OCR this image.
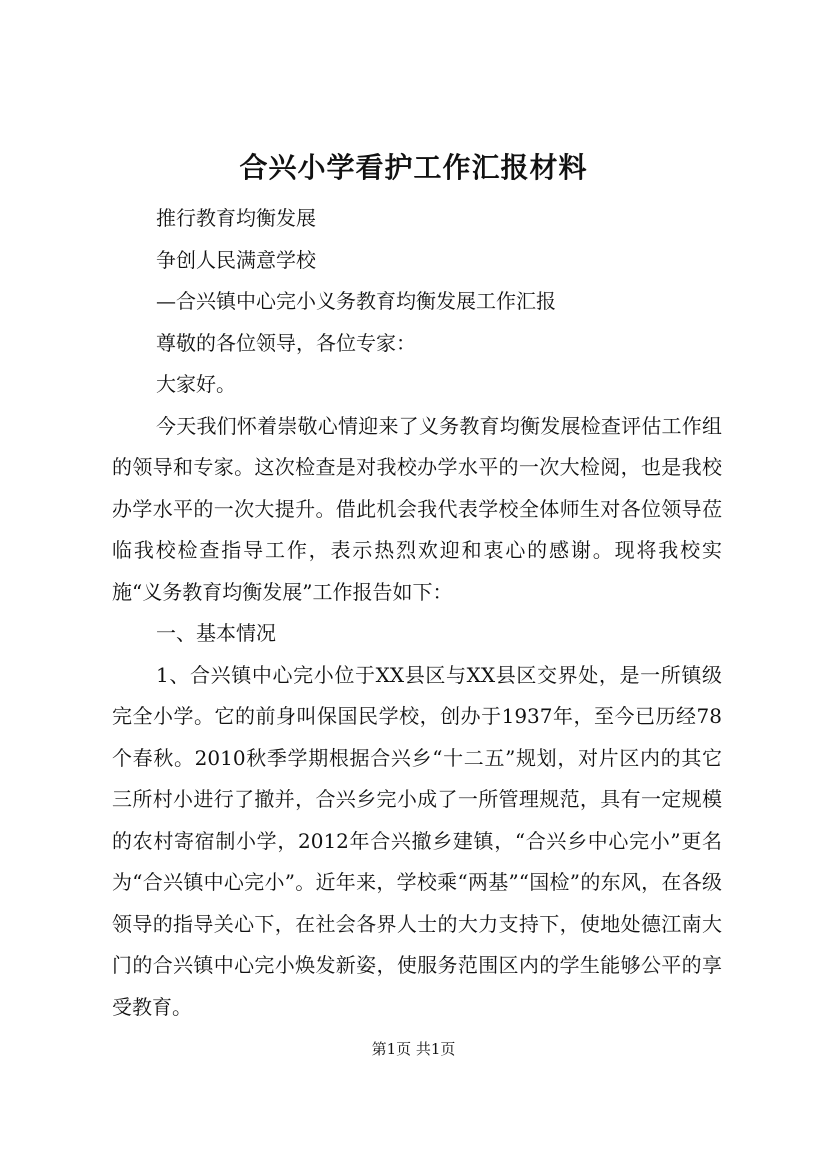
合兴小学看护工作汇报材料

推行教育均衡发展

争创人民满意学校

—合兴镇中心完小义务教育均衡发展工作汇报

尊敬的各位领导，各位专家：

大家好。

今天我们怀着崇敬心情迎来了义务教育均衡发展检查评估工作组的领导和专家。这次检查是对我校办学水平的一次大检阅，也是我校办学水平的一次大提升。借此机会我代表学校全体师生对各位领导莅临我校检查指导工作，表示热烈欢迎和衷心的感谢。现将我校实施“义务教育均衡发展”工作报告如下：

一、基本情况

1、合兴镇中心完小位于XX县区与XX县区交界处，是一所镇级完全小学。它的前身叫保国民学校，创办于1937年，至今已历经78个春秋。2010秋季学期根据合兴乡“十二五”规划，对片区内的其它三所村小进行了撤并，合兴乡完小成了一所管理规范，具有一定规模的农村寄宿制小学，2012年合兴撤乡建镇，“合兴乡中心完小”更名为“合兴镇中心完小”。近年来，学校乘“两基”“国检”的东风，在各级领导的指导关心下，在社会各界人士的大力支持下，使地处德江南大门的合兴镇中心完小焕发新姿，使服务范围区内的学生能够公平的享受教育。

第1页 共1页
